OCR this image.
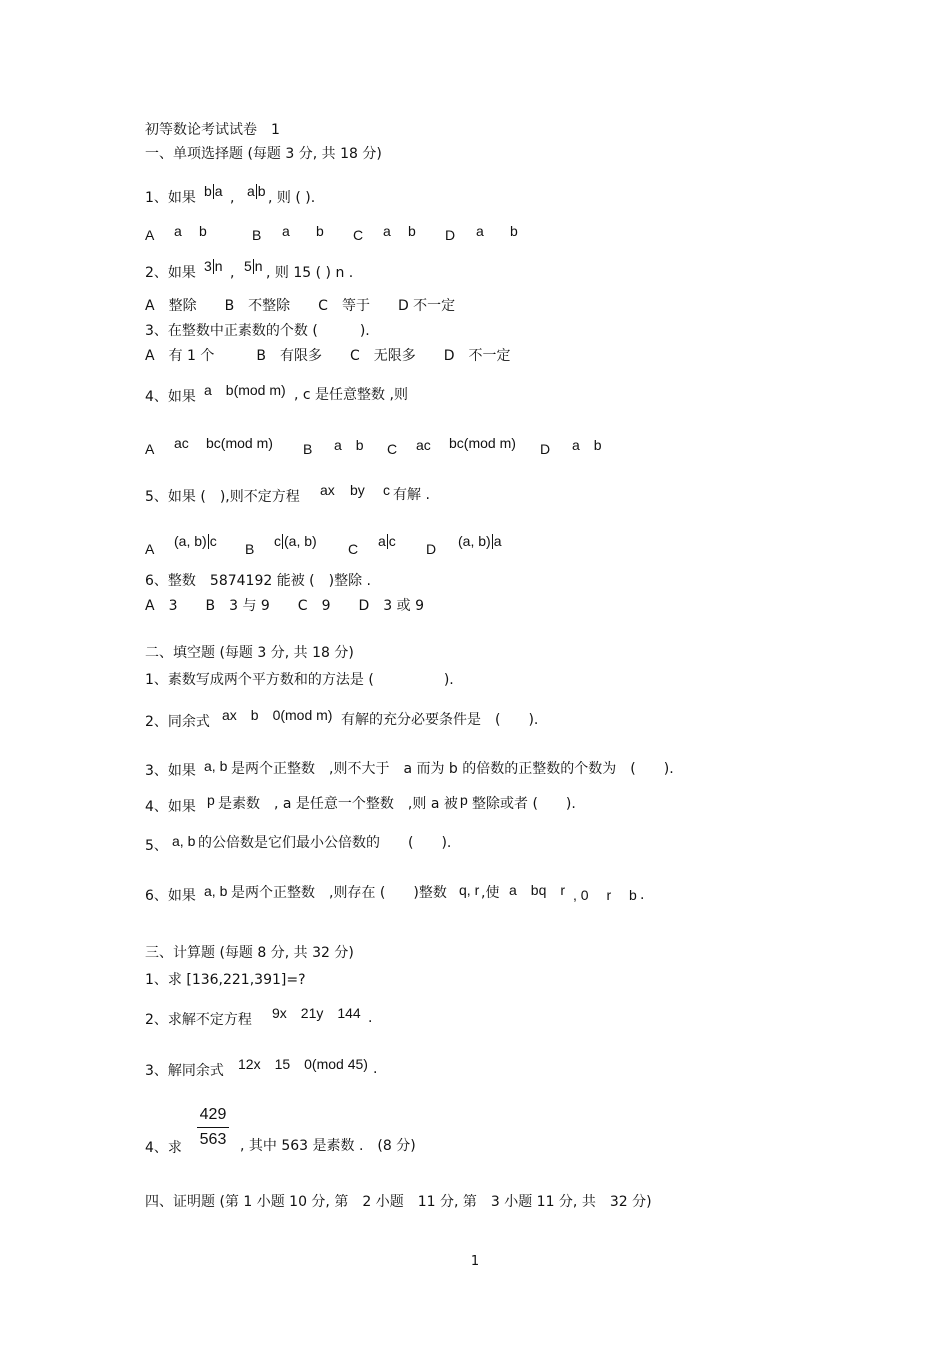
初等数论考试试卷　1
一、单项选择题 (每题 3 分, 共 18 分)
1、如果 b a , a b , 则 ( ).
A a b	B a b C a b D a b
2、如果 3 n , 5 n , 则 15 ( ) n .
A　整除　　B　不整除　　C　等于　　D 不一定
3、在整数中正素数的个数 (　　　).
A　有 1 个　　　B　有限多　　C　无限多　　D　不一定
4、如果 a　b(mod m) , c 是任意整数 ,则
A ac bc(mod m) B a　b C ac bc(mod m) D a　b
5、如果 (　),则不定方程 ax by c 有解 .
A (a, b) c B c (a, b) C a c D (a, b) a
6、整数　5874192 能被 (　)整除 .
A　3　　B　3 与 9　　C　9　　D　3 或 9
二、填空题 (每题 3 分, 共 18 分)
1、素数写成两个平方数和的方法是 (　　　　　).
2、同余式 ax　b　0(mod m) 有解的充分必要条件是　(　　).
3、如果 a, b 是两个正整数　,则不大于　a 而为 b 的倍数的正整数的个数为　(　　).
4、如果 p 是素数　, a 是任意一个整数　,则 a 被 p 整除或者 (　　).
5、 a, b 的公倍数是它们最小公倍数的　　(　　).
6、如果 a, b 是两个正整数　,则存在 (　　)整数 q, r ,使 a　bq　r , 0　 r　 b .
三、计算题 (每题 8 分, 共 32 分)
1、求 [136,221,391]=?
2、求解不定方程 9x　21y　144 .
3、解同余式 12x　15　0(mod 45) .
4、求
429
563 , 其中 563 是素数 .　(8 分)
四、证明题 (第 1 小题 10 分, 第　2 小题　11 分, 第　3 小题 11 分, 共　32 分)
1
